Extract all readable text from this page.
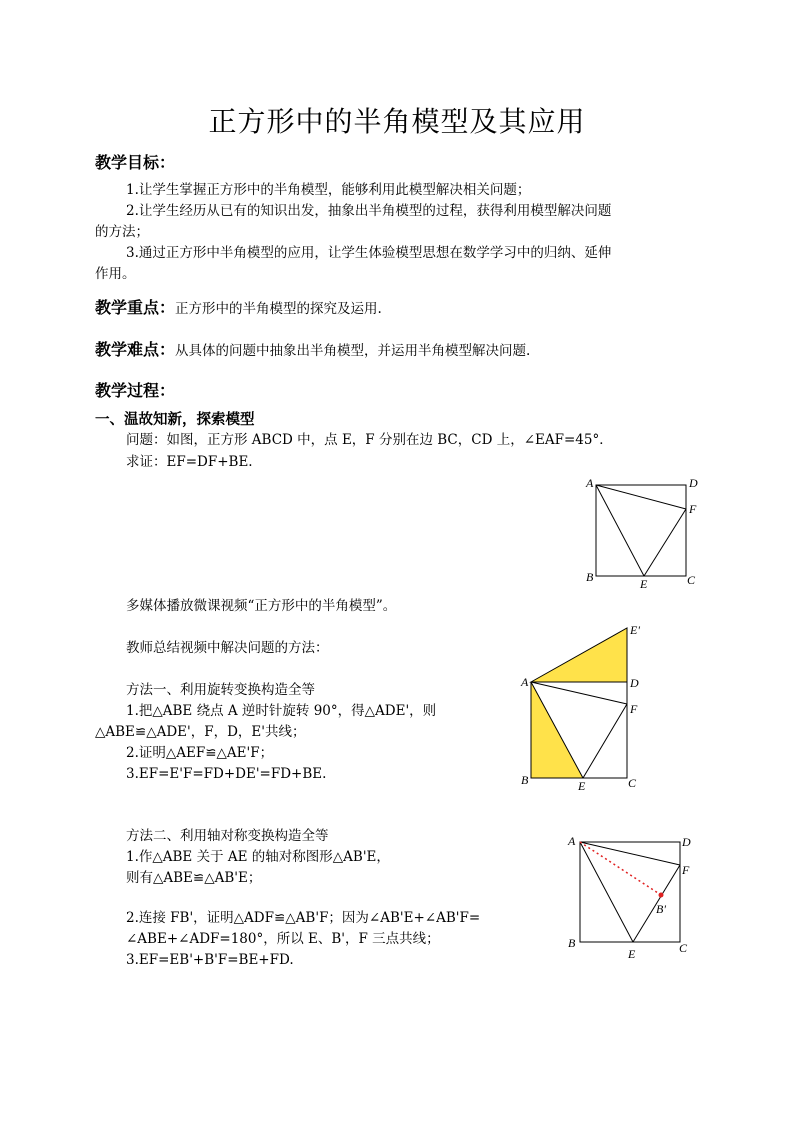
正方形中的半角模型及其应用
教学目标：
1.让学生掌握正方形中的半角模型，能够利用此模型解决相关问题；
2.让学生经历从已有的知识出发，抽象出半角模型的过程，获得利用模型解决问题
的方法；
3.通过正方形中半角模型的应用，让学生体验模型思想在数学学习中的归纳、延伸
作用。
教学重点：正方形中的半角模型的探究及运用.
教学难点：从具体的问题中抽象出半角模型，并运用半角模型解决问题.
教学过程：
一、温故知新，探索模型
问题：如图，正方形 ABCD 中，点 E，F 分别在边 BC，CD 上，∠EAF=45°．
求证：EF=DF+BE.
多媒体播放微课视频“正方形中的半角模型”。
教师总结视频中解决问题的方法：
方法一、利用旋转变换构造全等
1.把△ABE 绕点 A 逆时针旋转 90°，得△ADE'，则
△ABE≌△ADE'，F，D，E'共线；
2.证明△AEF≌△AE'F；
3.EF=E'F=FD+DE'=FD+BE.
方法二、利用轴对称变换构造全等
1.作△ABE 关于 AE 的轴对称图形△AB'E，
则有△ABE≌△AB'E；
2.连接 FB'，证明△ADF≌△AB'F；因为∠AB'E+∠AB'F=
∠ABE+∠ADF=180°，所以 E、B'，F 三点共线；
3.EF=EB'+B'F=BE+FD.
A	D
F
B	E	C
A
E'
D
F
B	E	C
A	D
F
B'
B
E	C
